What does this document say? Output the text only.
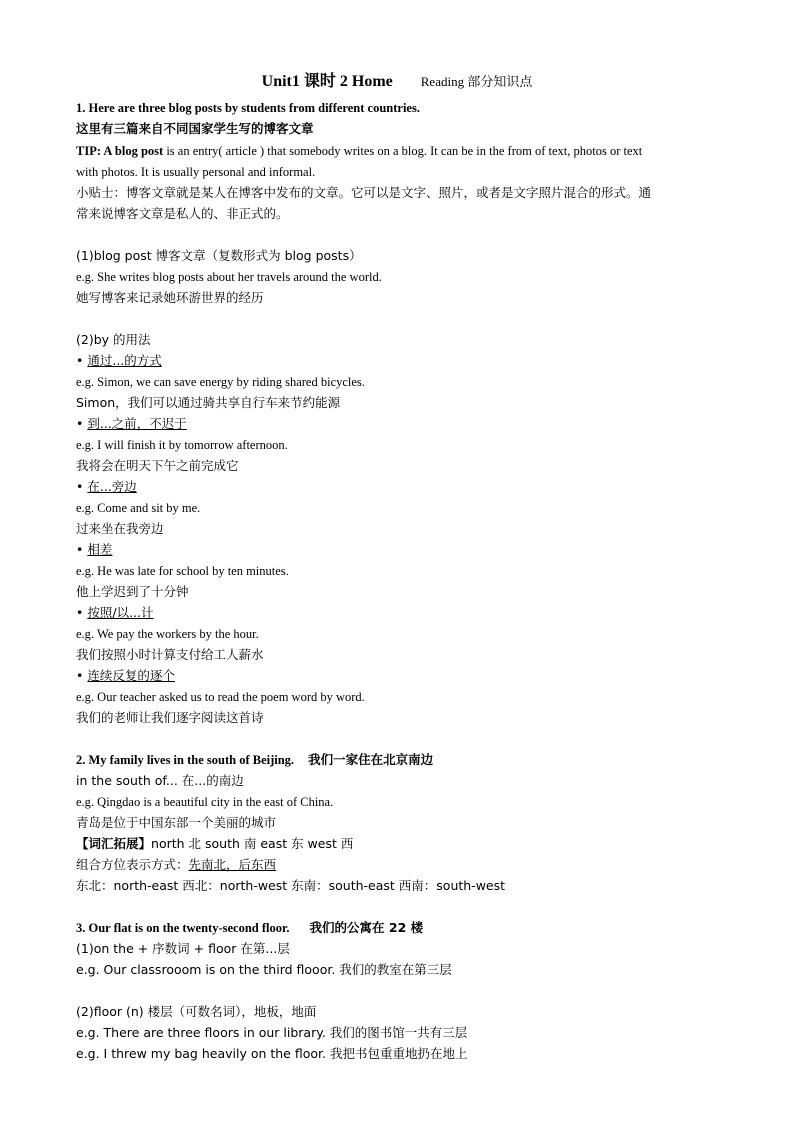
Unit1 课时 2 Home Reading 部分知识点
1. Here are three blog posts by students from different countries.
这里有三篇来自不同国家学生写的博客文章
TIP: A blog post is an entry( article ) that somebody writes on a blog. It can be in the from of text, photos or text
with photos. It is usually personal and informal.
小贴士：博客文章就是某人在博客中发布的文章。它可以是文字、照片，或者是文字照片混合的形式。通
常来说博客文章是私人的、非正式的。
(1)blog post 博客文章（复数形式为 blog posts）
e.g. She writes blog posts about her travels around the world.
她写博客来记录她环游世界的经历
(2)by 的用法
• 通过...的方式
e.g. Simon, we can save energy by riding shared bicycles.
Simon，我们可以通过骑共享自行车来节约能源
• 到...之前，不迟于
e.g. I will finish it by tomorrow afternoon.
我将会在明天下午之前完成它
• 在...旁边
e.g. Come and sit by me.
过来坐在我旁边
• 相差
e.g. He was late for school by ten minutes.
他上学迟到了十分钟
• 按照/以...计
e.g. We pay the workers by the hour.
我们按照小时计算支付给工人薪水
• 连续反复的逐个
e.g. Our teacher asked us to read the poem word by word.
我们的老师让我们逐字阅读这首诗
2. My family lives in the south of Beijing. 我们一家住在北京南边
in the south of... 在...的南边
e.g. Qingdao is a beautiful city in the east of China.
青岛是位于中国东部一个美丽的城市
【词汇拓展】north 北 south 南 east 东 west 西
组合方位表示方式：先南北，后东西
东北：north-east 西北：north-west 东南：south-east 西南：south-west
3. Our flat is on the twenty-second floor. 我们的公寓在 22 楼
(1)on the + 序数词 + floor 在第...层
e.g. Our classrooom is on the third flooor. 我们的教室在第三层
(2)floor (n) 楼层（可数名词），地板，地面
e.g. There are three floors in our library. 我们的图书馆一共有三层
e.g. I threw my bag heavily on the floor. 我把书包重重地扔在地上
